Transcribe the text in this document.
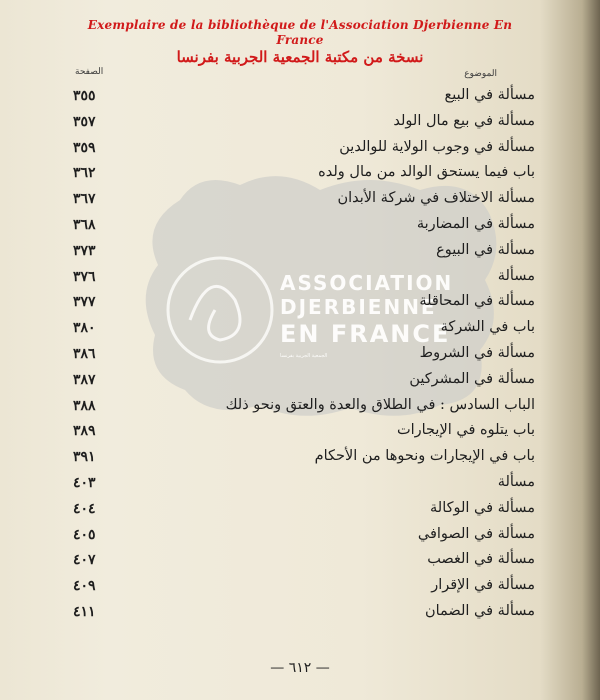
Exemplaire de la bibliothèque de l'Association Djerbienne En France
نسخة من مكتبة الجمعية الجربية بفرنسا
ASSOCIATION
DJERBIENNE
EN FRANCE
الجمعية الجربية بفرنسا
الصفحة	الموضوع
٣٥٥	مسألة في البيع
٣٥٧	مسألة في بيع مال الولد
٣٥٩	مسألة في وجوب الولاية للوالدين
٣٦٢	باب فيما يستحق الوالد من مال ولده
٣٦٧	مسألة الاختلاف في شركة الأبدان
٣٦٨	مسألة في المضاربة
٣٧٣	مسألة في البيوع
٣٧٦	مسألة
٣٧٧	مسألة في المحاقلة
٣٨٠	باب في الشركة
٣٨٦	مسألة في الشروط
٣٨٧	مسألة في المشركين
٣٨٨	الباب السادس : في الطلاق والعدة والعتق ونحو ذلك
٣٨٩	باب يتلوه في الإيجارات
٣٩١	باب في الإيجارات ونحوها من الأحكام
٤٠٣	مسألة
٤٠٤	مسألة في الوكالة
٤٠٥	مسألة في الصوافي
٤٠٧	مسألة في الغصب
٤٠٩	مسألة في الإقرار
٤١١	مسألة في الضمان
— ٦١٢ —
